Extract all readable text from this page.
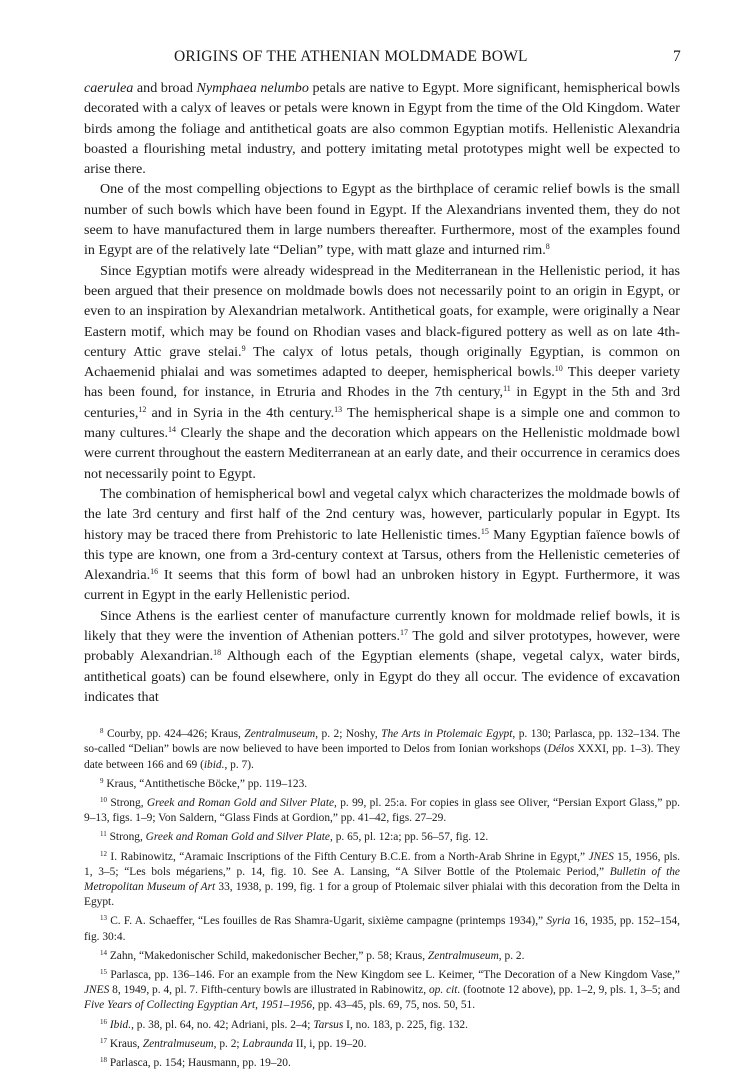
ORIGINS OF THE ATHENIAN MOLDMADE BOWL	7

caerulea and broad Nymphaea nelumbo petals are native to Egypt. More significant, hemispherical bowls decorated with a calyx of leaves or petals were known in Egypt from the time of the Old Kingdom. Water birds among the foliage and antithetical goats are also common Egyptian motifs. Hellenistic Alexandria boasted a flourishing metal industry, and pottery imitating metal prototypes might well be expected to arise there.

One of the most compelling objections to Egypt as the birthplace of ceramic relief bowls is the small number of such bowls which have been found in Egypt. If the Alexandrians invented them, they do not seem to have manufactured them in large numbers thereafter. Furthermore, most of the examples found in Egypt are of the relatively late “Delian” type, with matt glaze and inturned rim.$^8$

Since Egyptian motifs were already widespread in the Mediterranean in the Hellenistic period, it has been argued that their presence on moldmade bowls does not necessarily point to an origin in Egypt, or even to an inspiration by Alexandrian metalwork. Antithetical goats, for example, were originally a Near Eastern motif, which may be found on Rhodian vases and black-figured pottery as well as on late 4th-century Attic grave stelai.$^9$ The calyx of lotus petals, though originally Egyptian, is common on Achaemenid phialai and was sometimes adapted to deeper, hemispherical bowls.$^{10}$ This deeper variety has been found, for instance, in Etruria and Rhodes in the 7th century,$^{11}$ in Egypt in the 5th and 3rd centuries,$^{12}$ and in Syria in the 4th century.$^{13}$ The hemispherical shape is a simple one and common to many cultures.$^{14}$ Clearly the shape and the decoration which appears on the Hellenistic moldmade bowl were current throughout the eastern Mediterranean at an early date, and their occurrence in ceramics does not necessarily point to Egypt.

The combination of hemispherical bowl and vegetal calyx which characterizes the moldmade bowls of the late 3rd century and first half of the 2nd century was, however, particularly popular in Egypt. Its history may be traced there from Prehistoric to late Hellenistic times.$^{15}$ Many Egyptian faïence bowls of this type are known, one from a 3rd-century context at Tarsus, others from the Hellenistic cemeteries of Alexandria.$^{16}$ It seems that this form of bowl had an unbroken history in Egypt. Furthermore, it was current in Egypt in the early Hellenistic period.

Since Athens is the earliest center of manufacture currently known for moldmade relief bowls, it is likely that they were the invention of Athenian potters.$^{17}$ The gold and silver prototypes, however, were probably Alexandrian.$^{18}$ Although each of the Egyptian elements (shape, vegetal calyx, water birds, antithetical goats) can be found elsewhere, only in Egypt do they all occur. The evidence of excavation indicates that

$^8$ Courby, pp. 424–426; Kraus, Zentralmuseum, p. 2; Noshy, The Arts in Ptolemaic Egypt, p. 130; Parlasca, pp. 132–134. The so-called “Delian” bowls are now believed to have been imported to Delos from Ionian workshops (Délos XXXI, pp. 1–3). They date between 166 and 69 (ibid., p. 7).

$^9$ Kraus, “Antithetische Böcke,” pp. 119–123.

$^{10}$ Strong, Greek and Roman Gold and Silver Plate, p. 99, pl. 25:a. For copies in glass see Oliver, “Persian Export Glass,” pp. 9–13, figs. 1–9; Von Saldern, “Glass Finds at Gordion,” pp. 41–42, figs. 27–29.

$^{11}$ Strong, Greek and Roman Gold and Silver Plate, p. 65, pl. 12:a; pp. 56–57, fig. 12.

$^{12}$ I. Rabinowitz, “Aramaic Inscriptions of the Fifth Century B.C.E. from a North-Arab Shrine in Egypt,” JNES 15, 1956, pls. 1, 3–5; “Les bols mégariens,” p. 14, fig. 10. See A. Lansing, “A Silver Bottle of the Ptolemaic Period,” Bulletin of the Metropolitan Museum of Art 33, 1938, p. 199, fig. 1 for a group of Ptolemaic silver phialai with this decoration from the Delta in Egypt.

$^{13}$ C. F. A. Schaeffer, “Les fouilles de Ras Shamra-Ugarit, sixième campagne (printemps 1934),” Syria 16, 1935, pp. 152–154, fig. 30:4.

$^{14}$ Zahn, “Makedonischer Schild, makedonischer Becher,” p. 58; Kraus, Zentralmuseum, p. 2.

$^{15}$ Parlasca, pp. 136–146. For an example from the New Kingdom see L. Keimer, “The Decoration of a New Kingdom Vase,” JNES 8, 1949, p. 4, pl. 7. Fifth-century bowls are illustrated in Rabinowitz, op. cit. (footnote 12 above), pp. 1–2, 9, pls. 1, 3–5; and Five Years of Collecting Egyptian Art, 1951–1956, pp. 43–45, pls. 69, 75, nos. 50, 51.

$^{16}$ Ibid., p. 38, pl. 64, no. 42; Adriani, pls. 2–4; Tarsus I, no. 183, p. 225, fig. 132.

$^{17}$ Kraus, Zentralmuseum, p. 2; Labraunda II, i, pp. 19–20.

$^{18}$ Parlasca, p. 154; Hausmann, pp. 19–20.
